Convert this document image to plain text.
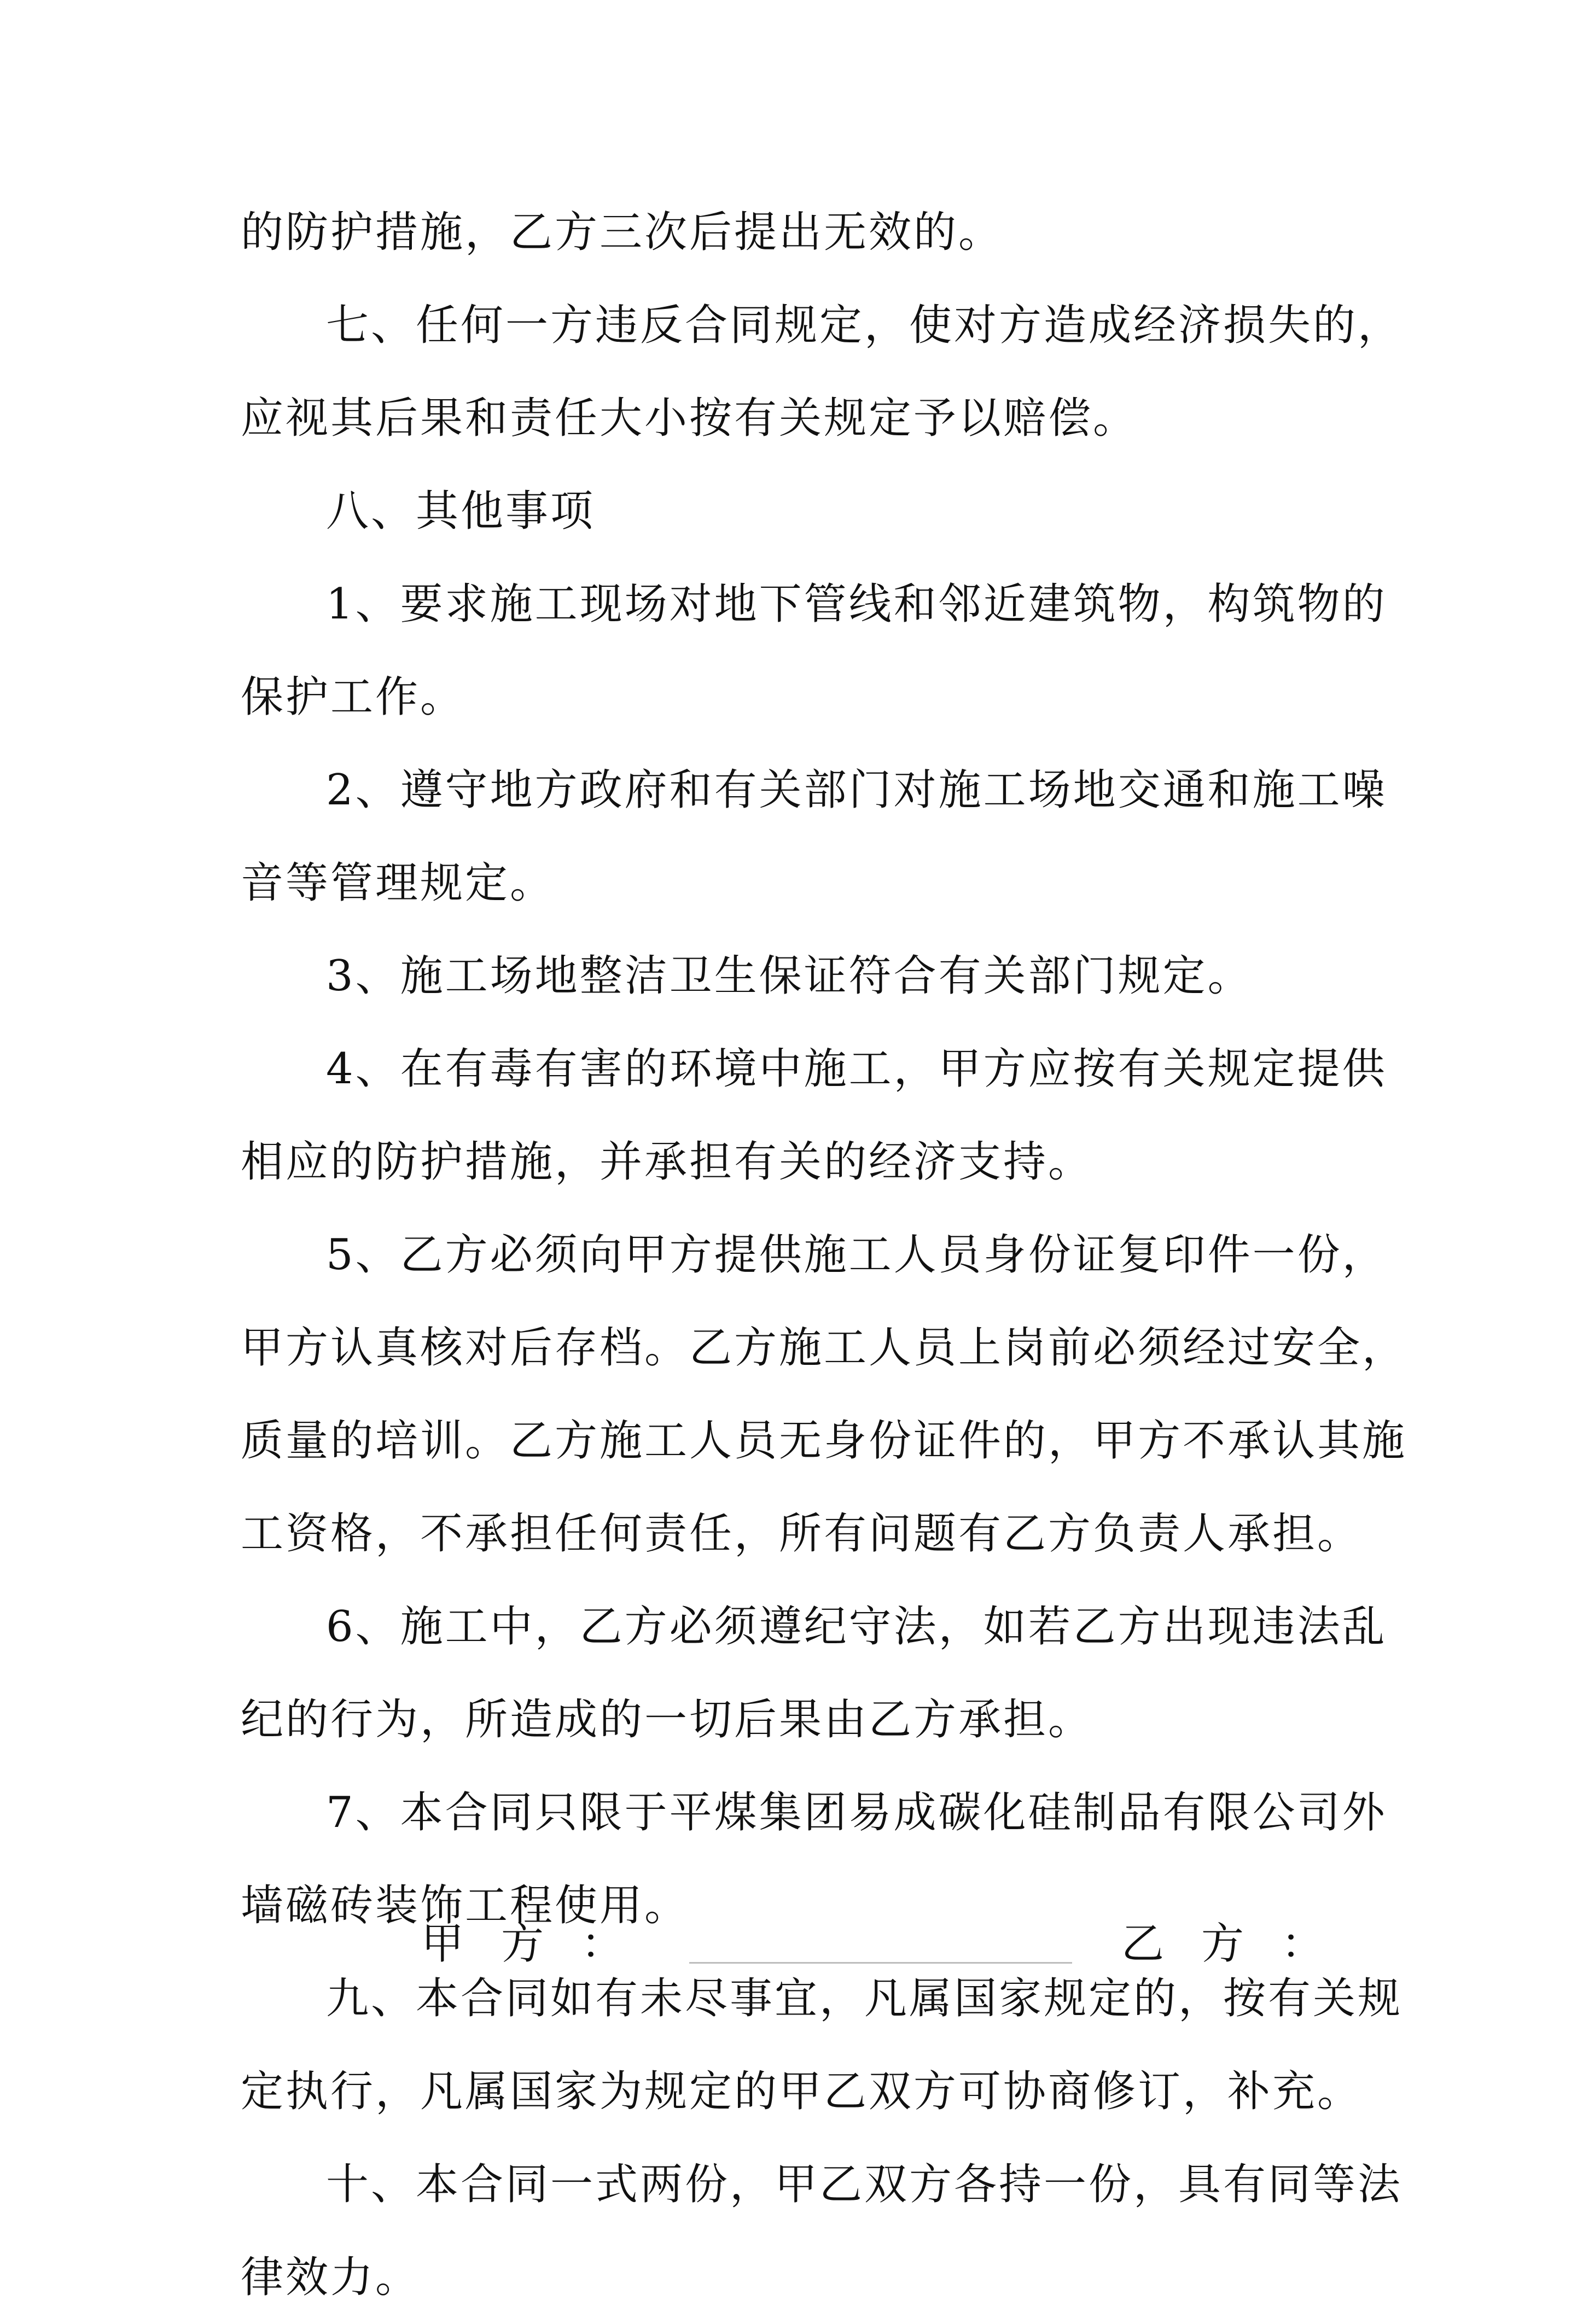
的防护措施，乙方三次后提出无效的。
七、任何一方违反合同规定，使对方造成经济损失的，
应视其后果和责任大小按有关规定予以赔偿。
八、其他事项
1、要求施工现场对地下管线和邻近建筑物，构筑物的
保护工作。
2、遵守地方政府和有关部门对施工场地交通和施工噪
音等管理规定。
3、施工场地整洁卫生保证符合有关部门规定。
4、在有毒有害的环境中施工，甲方应按有关规定提供
相应的防护措施，并承担有关的经济支持。
5、乙方必须向甲方提供施工人员身份证复印件一份，
甲方认真核对后存档。乙方施工人员上岗前必须经过安全，
质量的培训。乙方施工人员无身份证件的，甲方不承认其施
工资格，不承担任何责任，所有问题有乙方负责人承担。
6、施工中，乙方必须遵纪守法，如若乙方出现违法乱
纪的行为，所造成的一切后果由乙方承担。
7、本合同只限于平煤集团易成碳化硅制品有限公司外
墙磁砖装饰工程使用。
九、本合同如有未尽事宜，凡属国家规定的，按有关规
定执行，凡属国家为规定的甲乙双方可协商修订，补充。
十、本合同一式两份，甲乙双方各持一份，具有同等法
律效力。
甲方：	乙方：
